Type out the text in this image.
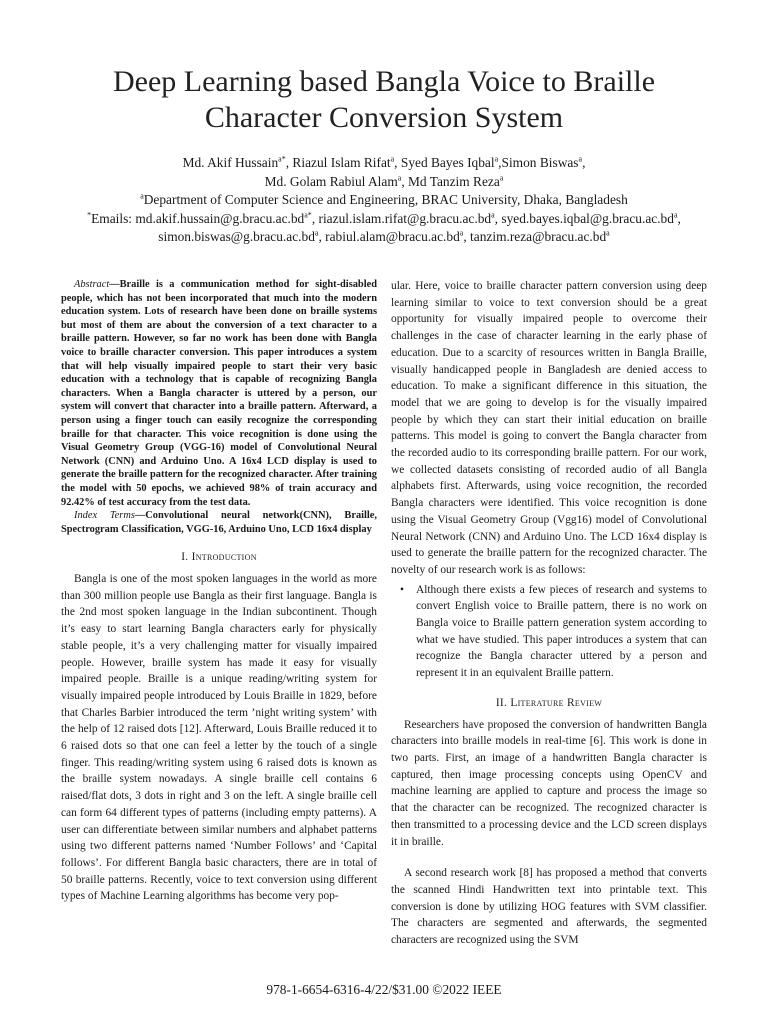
Deep Learning based Bangla Voice to Braille
Character Conversion System
Md. Akif Hussain$^{a*}$, Riazul Islam Rifat$^a$, Syed Bayes Iqbal$^a$,Simon Biswas$^a$,
Md. Golam Rabiul Alam$^a$, Md Tanzim Reza$^a$
$^a$Department of Computer Science and Engineering, BRAC University, Dhaka, Bangladesh
*Emails: $md.akif.hussain@g.bracu.ac.bd^{a*}$, $riazul.islam.rifat@g.bracu.ac.bd^a$, $syed.bayes.iqbal@g.bracu.ac.bd^a$,
$simon.biswas@g.bracu.ac.bd^a$, $rabiul.alam@bracu.ac.bd^a$, $tanzim.reza@bracu.ac.bd^a$

Abstract—Braille is a communication method for sight-disabled people, which has not been incorporated that much into the modern education system. Lots of research have been done on braille systems but most of them are about the conversion of a text character to a braille pattern. However, so far no work has been done with Bangla voice to braille character conversion. This paper introduces a system that will help visually impaired people to start their very basic education with a technology that is capable of recognizing Bangla characters. When a Bangla character is uttered by a person, our system will convert that character into a braille pattern. Afterward, a person using a finger touch can easily recognize the corresponding braille for that character. This voice recognition is done using the Visual Geometry Group (VGG-16) model of Convolutional Neural Network (CNN) and Arduino Uno. A 16x4 LCD display is used to generate the braille pattern for the recognized character. After training the model with 50 epochs, we achieved 98% of train accuracy and 92.42% of test accuracy from the test data.

Index Terms—Convolutional neural network(CNN), Braille, Spectrogram Classification, VGG-16, Arduino Uno, LCD 16x4 display

I. Introduction

Bangla is one of the most spoken languages in the world as more than 300 million people use Bangla as their first language. Bangla is the 2nd most spoken language in the Indian subcontinent. Though it’s easy to start learning Bangla characters early for physically stable people, it’s a very challenging matter for visually impaired people. However, braille system has made it easy for visually impaired people. Braille is a unique reading/writing system for visually impaired people introduced by Louis Braille in 1829, before that Charles Barbier introduced the term ’night writing system’ with the help of 12 raised dots [12]. Afterward, Louis Braille reduced it to 6 raised dots so that one can feel a letter by the touch of a single finger. This reading/writing system using 6 raised dots is known as the braille system nowadays. A single braille cell contains 6 raised/flat dots, 3 dots in right and 3 on the left. A single braille cell can form 64 different types of patterns (including empty patterns). A user can differentiate between similar numbers and alphabet patterns using two different patterns named ‘Number Follows’ and ‘Capital follows’. For different Bangla basic characters, there are in total of 50 braille patterns. Recently, voice to text conversion using different types of Machine Learning algorithms has become very pop-

ular. Here, voice to braille character pattern conversion using deep learning similar to voice to text conversion should be a great opportunity for visually impaired people to overcome their challenges in the case of character learning in the early phase of education. Due to a scarcity of resources written in Bangla Braille, visually handicapped people in Bangladesh are denied access to education. To make a significant difference in this situation, the model that we are going to develop is for the visually impaired people by which they can start their initial education on braille patterns. This model is going to convert the Bangla character from the recorded audio to its corresponding braille pattern. For our work, we collected datasets consisting of recorded audio of all Bangla alphabets first. Afterwards, using voice recognition, the recorded Bangla characters were identified. This voice recognition is done using the Visual Geometry Group (Vgg16) model of Convolutional Neural Network (CNN) and Arduino Uno. The LCD 16x4 display is used to generate the braille pattern for the recognized character. The novelty of our research work is as follows:

• Although there exists a few pieces of research and systems to convert English voice to Braille pattern, there is no work on Bangla voice to Braille pattern generation system according to what we have studied. This paper introduces a system that can recognize the Bangla character uttered by a person and represent it in an equivalent Braille pattern.
II. Literature Review

Researchers have proposed the conversion of handwritten Bangla characters into braille models in real-time [6]. This work is done in two parts. First, an image of a handwritten Bangla character is captured, then image processing concepts using OpenCV and machine learning are applied to capture and process the image so that the character can be recognized. The recognized character is then transmitted to a processing device and the LCD screen displays it in braille.

A second research work [8] has proposed a method that converts the scanned Hindi Handwritten text into printable text. This conversion is done by utilizing HOG features with SVM classifier. The characters are segmented and afterwards, the segmented characters are recognized using the SVM

978-1-6654-6316-4/22/$31.00 ©2022 IEEE
